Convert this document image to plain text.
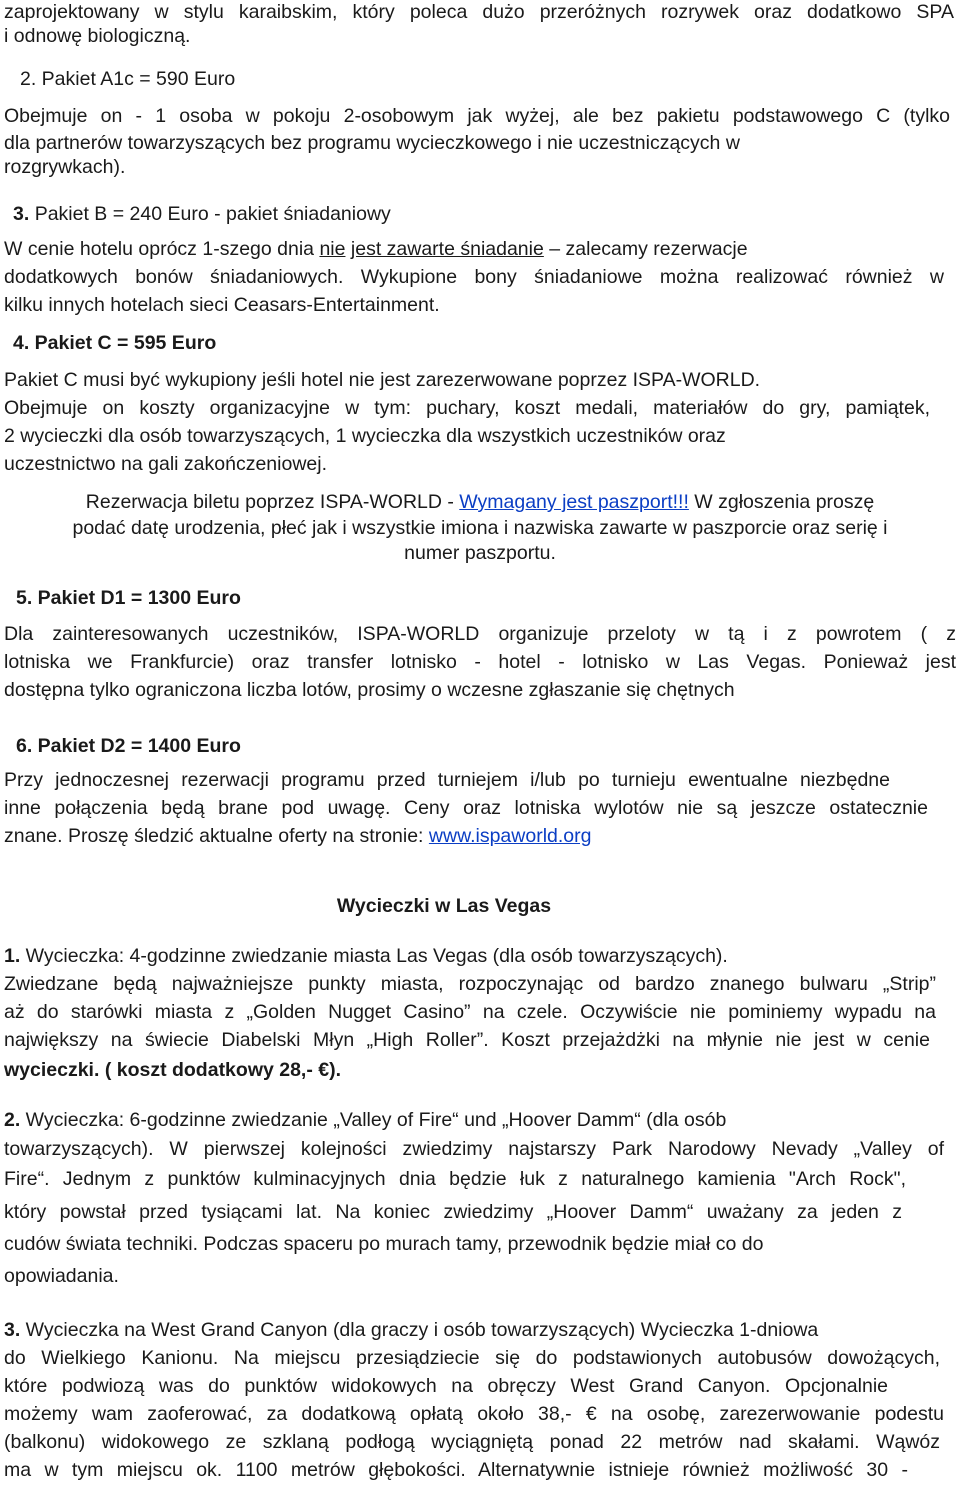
zaprojektowany w stylu karaibskim, który poleca dużo przeróżnych rozrywek oraz dodatkowo SPA
i odnowę biologiczną.
2. Pakiet A1c = 590 Euro
Obejmuje on - 1 osoba w pokoju 2-osobowym jak wyżej, ale bez pakietu podstawowego C (tylko
dla partnerów towarzyszących bez programu wycieczkowego i nie uczestniczących w
rozgrywkach).
3. Pakiet B = 240 Euro - pakiet śniadaniowy
W cenie hotelu oprócz 1-szego dnia nie jest zawarte śniadanie – zalecamy rezerwacje
dodatkowych bonów śniadaniowych. Wykupione bony śniadaniowe można realizować również w
kilku innych hotelach sieci Ceasars-Entertainment.
4. Pakiet C = 595 Euro
Pakiet C musi być wykupiony jeśli hotel nie jest zarezerwowane poprzez ISPA-WORLD.
Obejmuje on koszty organizacyjne w tym: puchary, koszt medali, materiałów do gry, pamiątek,
2 wycieczki dla osób towarzyszących, 1 wycieczka dla wszystkich uczestników oraz
uczestnictwo na gali zakończeniowej.
Rezerwacja biletu poprzez ISPA-WORLD - Wymagany jest paszport!!! W zgłoszenia proszę
podać datę urodzenia, płeć jak i wszystkie imiona i nazwiska zawarte w paszporcie oraz serię i
numer paszportu.
5. Pakiet D1 = 1300 Euro
Dla zainteresowanych uczestników, ISPA-WORLD organizuje przeloty w tą i z powrotem ( z
lotniska we Frankfurcie) oraz transfer lotnisko - hotel - lotnisko w Las Vegas. Ponieważ jest
dostępna tylko ograniczona liczba lotów, prosimy o wczesne zgłaszanie się chętnych
6. Pakiet D2 = 1400 Euro
Przy jednoczesnej rezerwacji programu przed turniejem i/lub po turnieju ewentualne niezbędne
inne połączenia będą brane pod uwagę. Ceny oraz lotniska wylotów nie są jeszcze ostatecznie
znane. Proszę śledzić aktualne oferty na stronie: www.ispaworld.org
Wycieczki w Las Vegas
1. Wycieczka: 4-godzinne zwiedzanie miasta Las Vegas (dla osób towarzyszących).
Zwiedzane będą najważniejsze punkty miasta, rozpoczynając od bardzo znanego bulwaru „Strip”
aż do starówki miasta z „Golden Nugget Casino” na czele. Oczywiście nie pominiemy wypadu na
największy na świecie Diabelski Młyn „High Roller”. Koszt przejażdżki na młynie nie jest w cenie
wycieczki. ( koszt dodatkowy 28,- €).
2. Wycieczka: 6-godzinne zwiedzanie „Valley of Fire“ und „Hoover Damm“ (dla osób
towarzyszących). W pierwszej kolejności zwiedzimy najstarszy Park Narodowy Nevady „Valley of
Fire“. Jednym z punktów kulminacyjnych dnia będzie łuk z naturalnego kamienia "Arch Rock",
który powstał przed tysiącami lat. Na koniec zwiedzimy „Hoover Damm“ uważany za jeden z
cudów świata techniki. Podczas spaceru po murach tamy, przewodnik będzie miał co do
opowiadania.
3. Wycieczka na West Grand Canyon (dla graczy i osób towarzyszących) Wycieczka 1-dniowa
do Wielkiego Kanionu. Na miejscu przesiądziecie się do podstawionych autobusów dowożących,
które podwiozą was do punktów widokowych na obręczy West Grand Canyon. Opcjonalnie
możemy wam zaoferować, za dodatkową opłatą około 38,- € na osobę, zarezerwowanie podestu
(balkonu) widokowego ze szklaną podłogą wyciągniętą ponad 22 metrów nad skałami. Wąwóz
ma w tym miejscu ok. 1100 metrów głębokości. Alternatywnie istnieje również możliwość 30 -
